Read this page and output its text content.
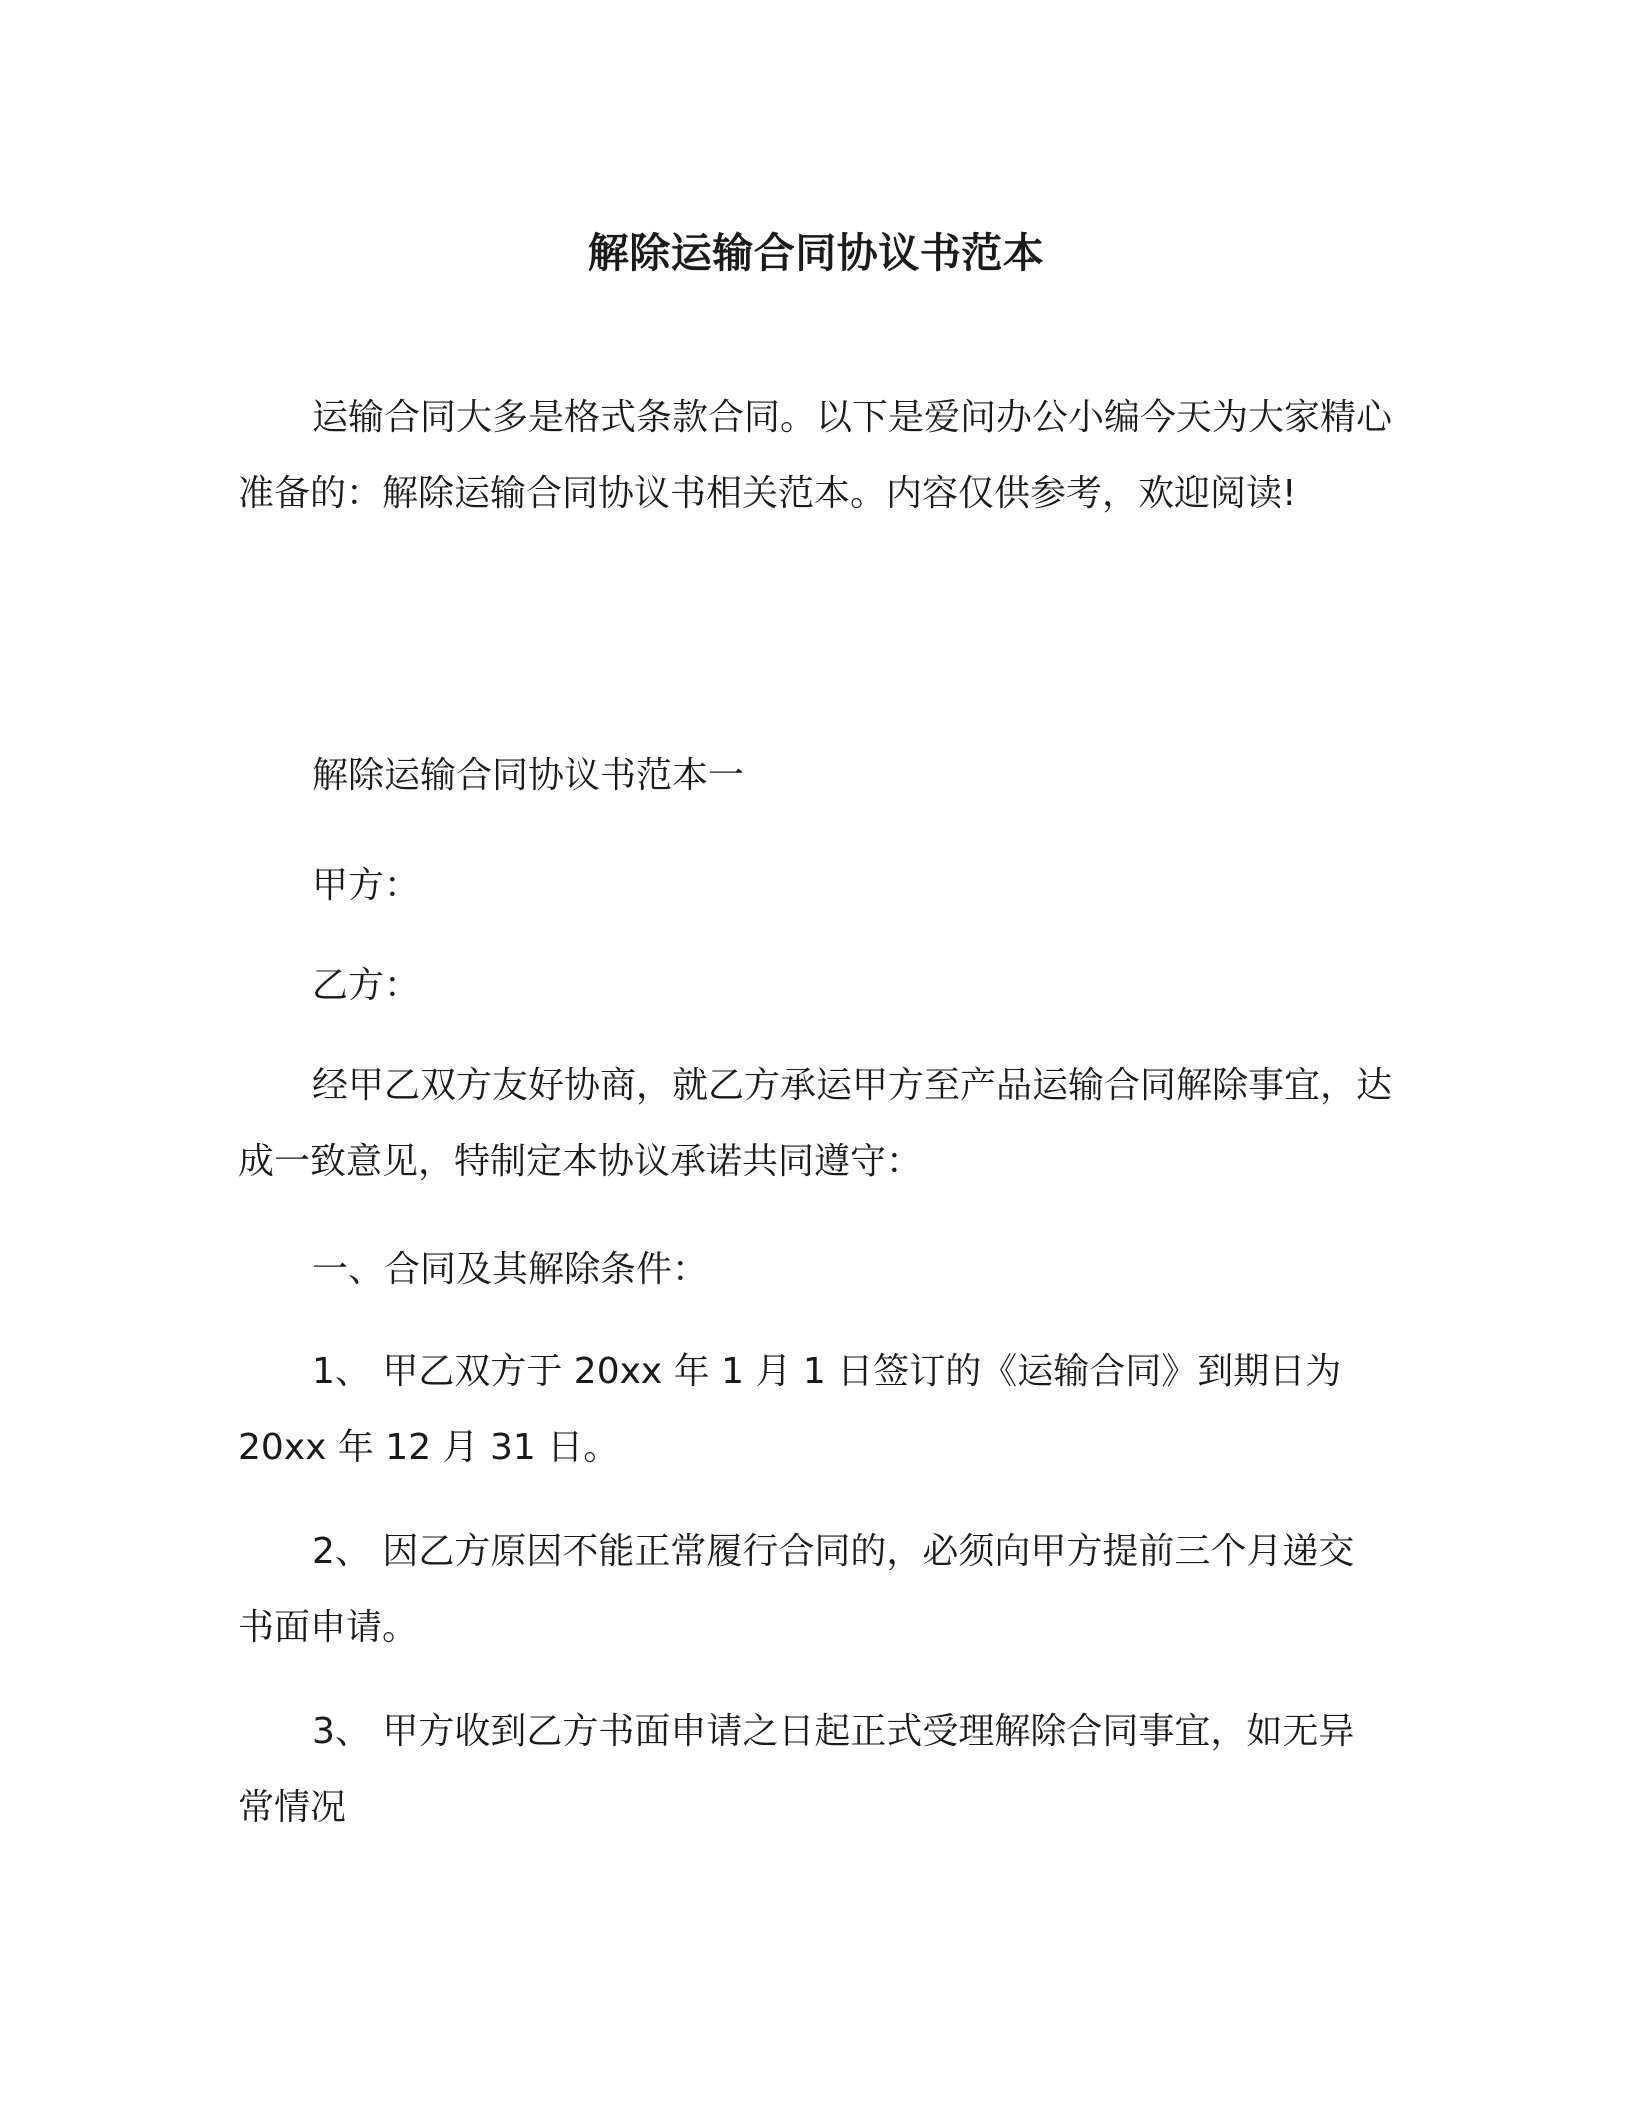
解除运输合同协议书范本

运输合同大多是格式条款合同。以下是爱问办公小编今天为大家精心准备的：解除运输合同协议书相关范本。内容仅供参考，欢迎阅读!

解除运输合同协议书范本一
甲方：
乙方：

经甲乙双方友好协商，就乙方承运甲方至产品运输合同解除事宜，达成一致意见，特制定本协议承诺共同遵守：

一、合同及其解除条件：
1、 甲乙双方于 20xx 年 1 月 1 日签订的《运输合同》到期日为
20xx 年 12 月 31 日。
2、 因乙方原因不能正常履行合同的，必须向甲方提前三个月递交
书面申请。
3、 甲方收到乙方书面申请之日起正式受理解除合同事宜，如无异
常情况
